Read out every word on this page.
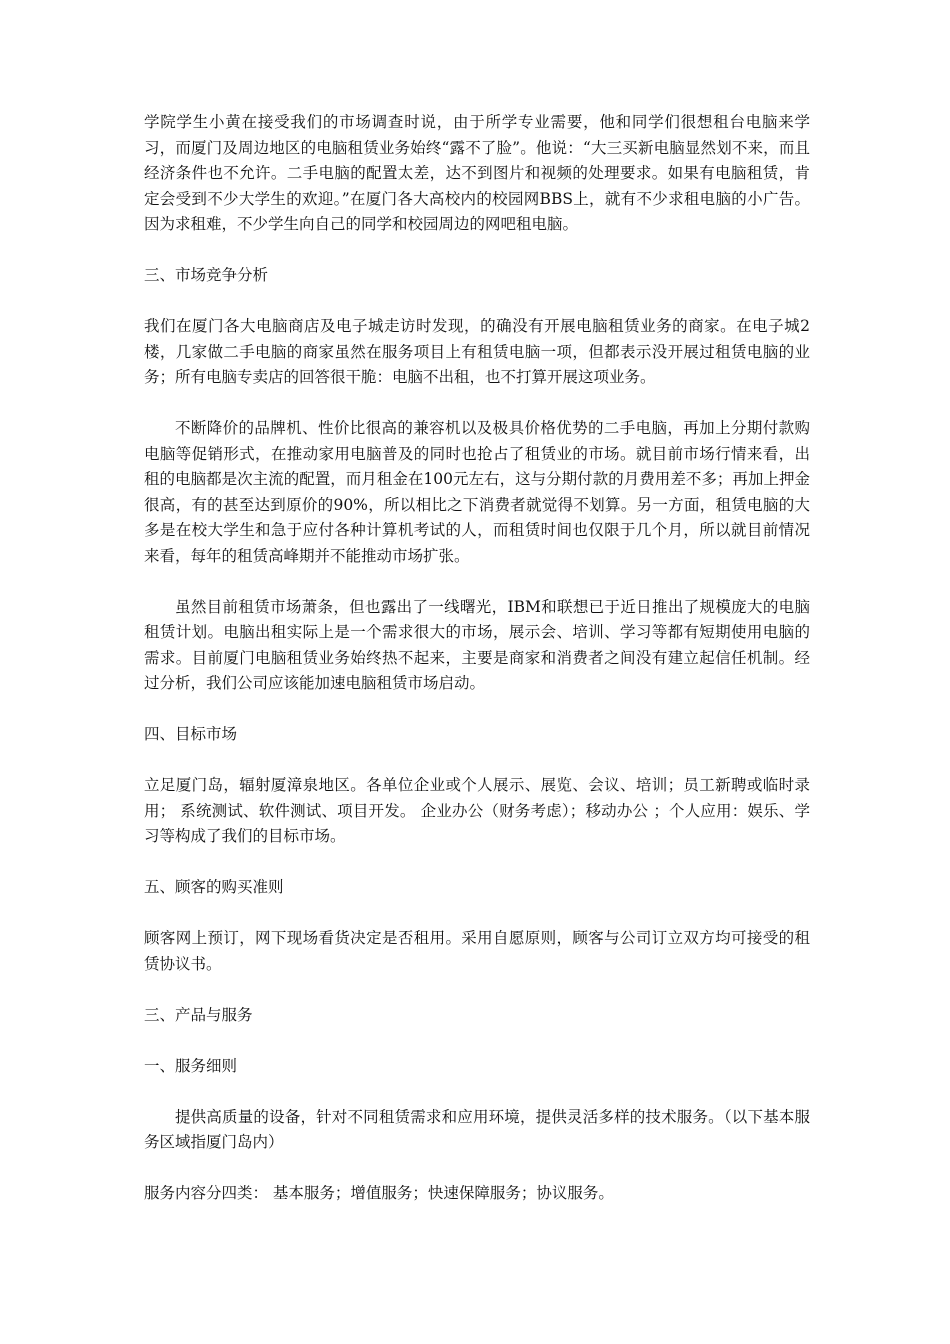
学院学生小黄在接受我们的市场调查时说，由于所学专业需要，他和同学们很想租台电脑来学习，而厦门及周边地区的电脑租赁业务始终“露不了脸”。他说：“大三买新电脑显然划不来，而且经济条件也不允许。二手电脑的配置太差，达不到图片和视频的处理要求。如果有电脑租赁，肯定会受到不少大学生的欢迎。”在厦门各大高校内的校园网BBS上，就有不少求租电脑的小广告。因为求租难，不少学生向自己的同学和校园周边的网吧租电脑。

三、市场竞争分析

我们在厦门各大电脑商店及电子城走访时发现，的确没有开展电脑租赁业务的商家。在电子城2楼，几家做二手电脑的商家虽然在服务项目上有租赁电脑一项，但都表示没开展过租赁电脑的业务；所有电脑专卖店的回答很干脆：电脑不出租，也不打算开展这项业务。

不断降价的品牌机、性价比很高的兼容机以及极具价格优势的二手电脑，再加上分期付款购电脑等促销形式，在推动家用电脑普及的同时也抢占了租赁业的市场。就目前市场行情来看，出租的电脑都是次主流的配置，而月租金在100元左右，这与分期付款的月费用差不多；再加上押金很高，有的甚至达到原价的90%，所以相比之下消费者就觉得不划算。另一方面，租赁电脑的大多是在校大学生和急于应付各种计算机考试的人，而租赁时间也仅限于几个月，所以就目前情况来看，每年的租赁高峰期并不能推动市场扩张。

虽然目前租赁市场萧条，但也露出了一线曙光，IBM和联想已于近日推出了规模庞大的电脑租赁计划。电脑出租实际上是一个需求很大的市场，展示会、培训、学习等都有短期使用电脑的需求。目前厦门电脑租赁业务始终热不起来，主要是商家和消费者之间没有建立起信任机制。经过分析，我们公司应该能加速电脑租赁市场启动。

四、目标市场

立足厦门岛，辐射厦漳泉地区。各单位企业或个人展示、展览、会议、培训；员工新聘或临时录用； 系统测试、软件测试、项目开发。 企业办公（财务考虑）；移动办公 ；个人应用：娱乐、学习等构成了我们的目标市场。

五、顾客的购买准则

顾客网上预订，网下现场看货决定是否租用。采用自愿原则，顾客与公司订立双方均可接受的租赁协议书。

三、产品与服务

一、服务细则

提供高质量的设备，针对不同租赁需求和应用环境，提供灵活多样的技术服务。（以下基本服务区域指厦门岛内）

服务内容分四类： 基本服务；增值服务；快速保障服务；协议服务。
